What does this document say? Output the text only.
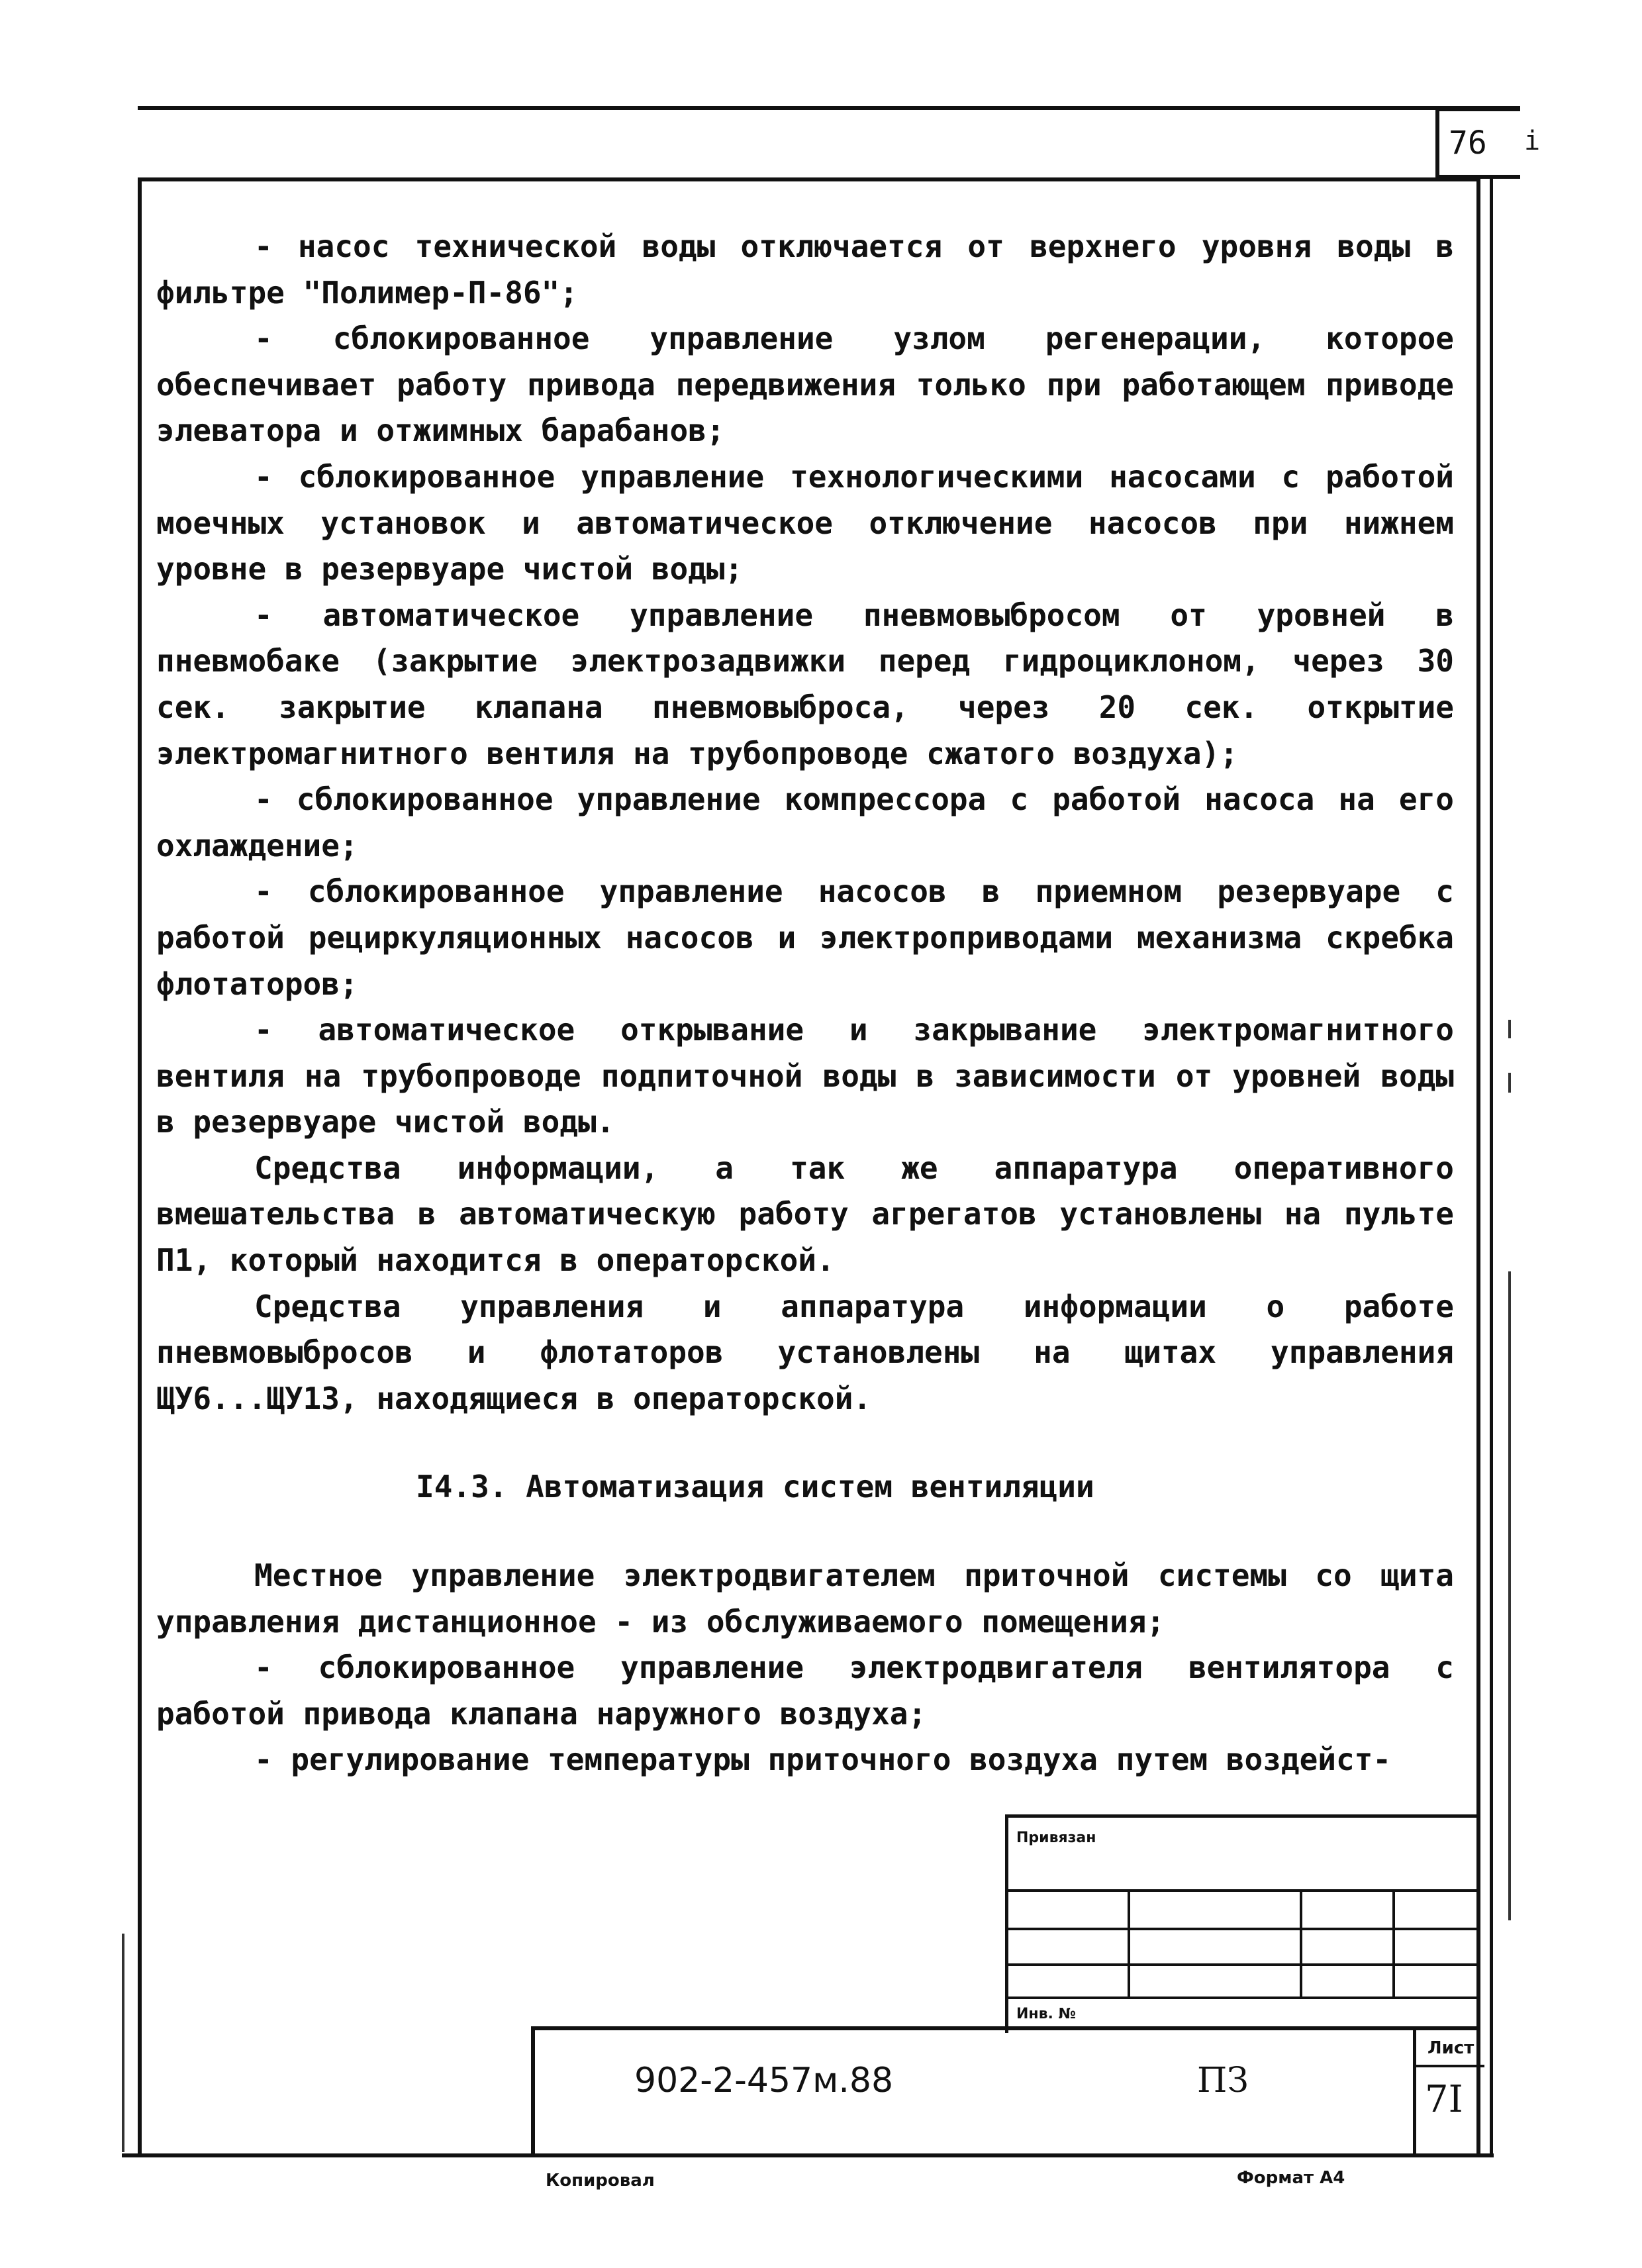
76	i

- насос технической воды отключается от верхнего уровня воды в фильтре "Полимер-П-86";

- сблокированное управление узлом регенерации, которое обеспечивает работу привода передвижения только при работающем приводе элеватора и отжимных барабанов;

- сблокированное управление технологическими насосами с работой моечных установок и автоматическое отключение насосов при нижнем уровне в резервуаре чистой воды;

- автоматическое управление пневмовыбросом от уровней в пневмобаке (закрытие электрозадвижки перед гидроциклоном, через 30 сек. закрытие клапана пневмовыброса, через 20 сек. открытие электромагнитного вентиля на трубопроводе сжатого воздуха);

- сблокированное управление компрессора с работой насоса на его охлаждение;

- сблокированное управление насосов в приемном резервуаре с работой рециркуляционных насосов и электроприводами механизма скребка флотаторов;

- автоматическое открывание и закрывание электромагнитного вентиля на трубопроводе подпиточной воды в зависимости от уровней воды в резервуаре чистой воды.

Средства информации, а так же аппаратура оперативного вмешательства в автоматическую работу агрегатов установлены на пульте П1, который находится в операторской.

Средства управления и аппаратура информации о работе пневмовыбросов и флотаторов установлены на щитах управления ЩУ6...ЩУ13, находящиеся в операторской.

I4.3. Автоматизация систем вентиляции

Местное управление электродвигателем приточной системы со щита управления дистанционное - из обслуживаемого помещения;

- сблокированное управление электродвигателя вентилятора с работой привода клапана наружного воздуха;

- регулирование температуры приточного воздуха путем воздейст-

Привязан
Инв. №
Лист
902-2-457м.88	ПЗ	7I
Копировал	Формат А4
